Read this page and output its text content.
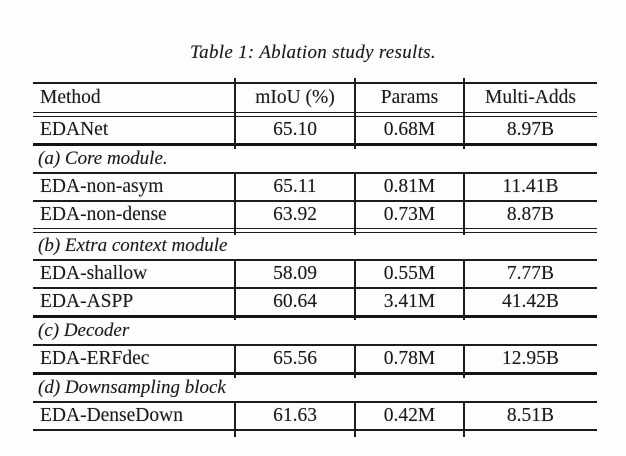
Table 1: Ablation study results.
Method	mIoU (%)	Params	Multi-Adds
EDANet	65.10	0.68M	8.97B
(a) Core module.
EDA-non-asym	65.11	0.81M	11.41B
EDA-non-dense	63.92	0.73M	8.87B
(b) Extra context module
EDA-shallow	58.09	0.55M	7.77B
EDA-ASPP	60.64	3.41M	41.42B
(c) Decoder
EDA-ERFdec	65.56	0.78M	12.95B
(d) Downsampling block
EDA-DenseDown	61.63	0.42M	8.51B
